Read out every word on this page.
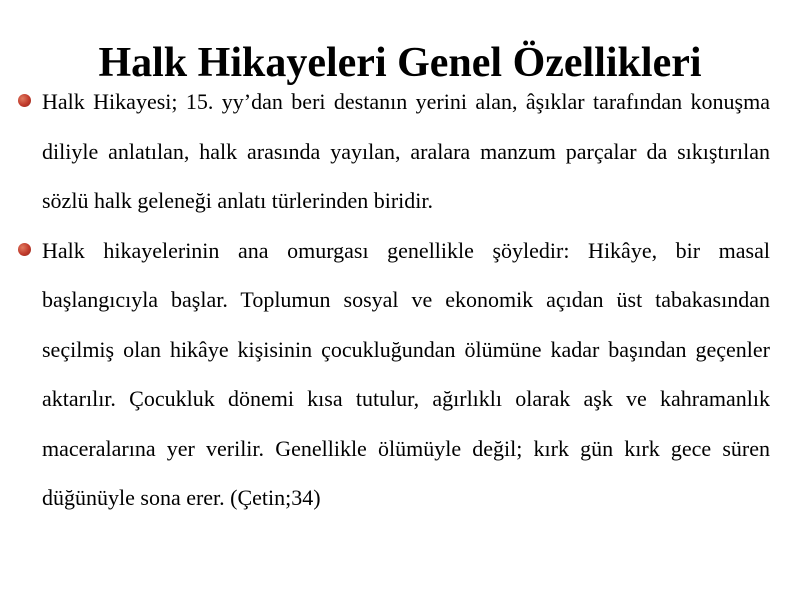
Halk Hikayeleri Genel Özellikleri
Halk Hikayesi; 15. yy’dan beri destanın yerini alan, âşıklar tarafından konuşma diliyle anlatılan, halk arasında yayılan, aralara manzum parçalar da sıkıştırılan sözlü halk geleneği anlatı türlerinden biridir.
Halk hikayelerinin ana omurgası genellikle şöyledir: Hikâye, bir masal başlangıcıyla başlar. Toplumun sosyal ve ekonomik açıdan üst tabakasından seçilmiş olan hikâye kişisinin çocukluğundan ölümüne kadar başından geçenler aktarılır. Çocukluk dönemi kısa tutulur, ağırlıklı olarak aşk ve kahramanlık maceralarına yer verilir. Genellikle ölümüyle değil; kırk gün kırk gece süren düğünüyle sona erer. (Çetin;34)
